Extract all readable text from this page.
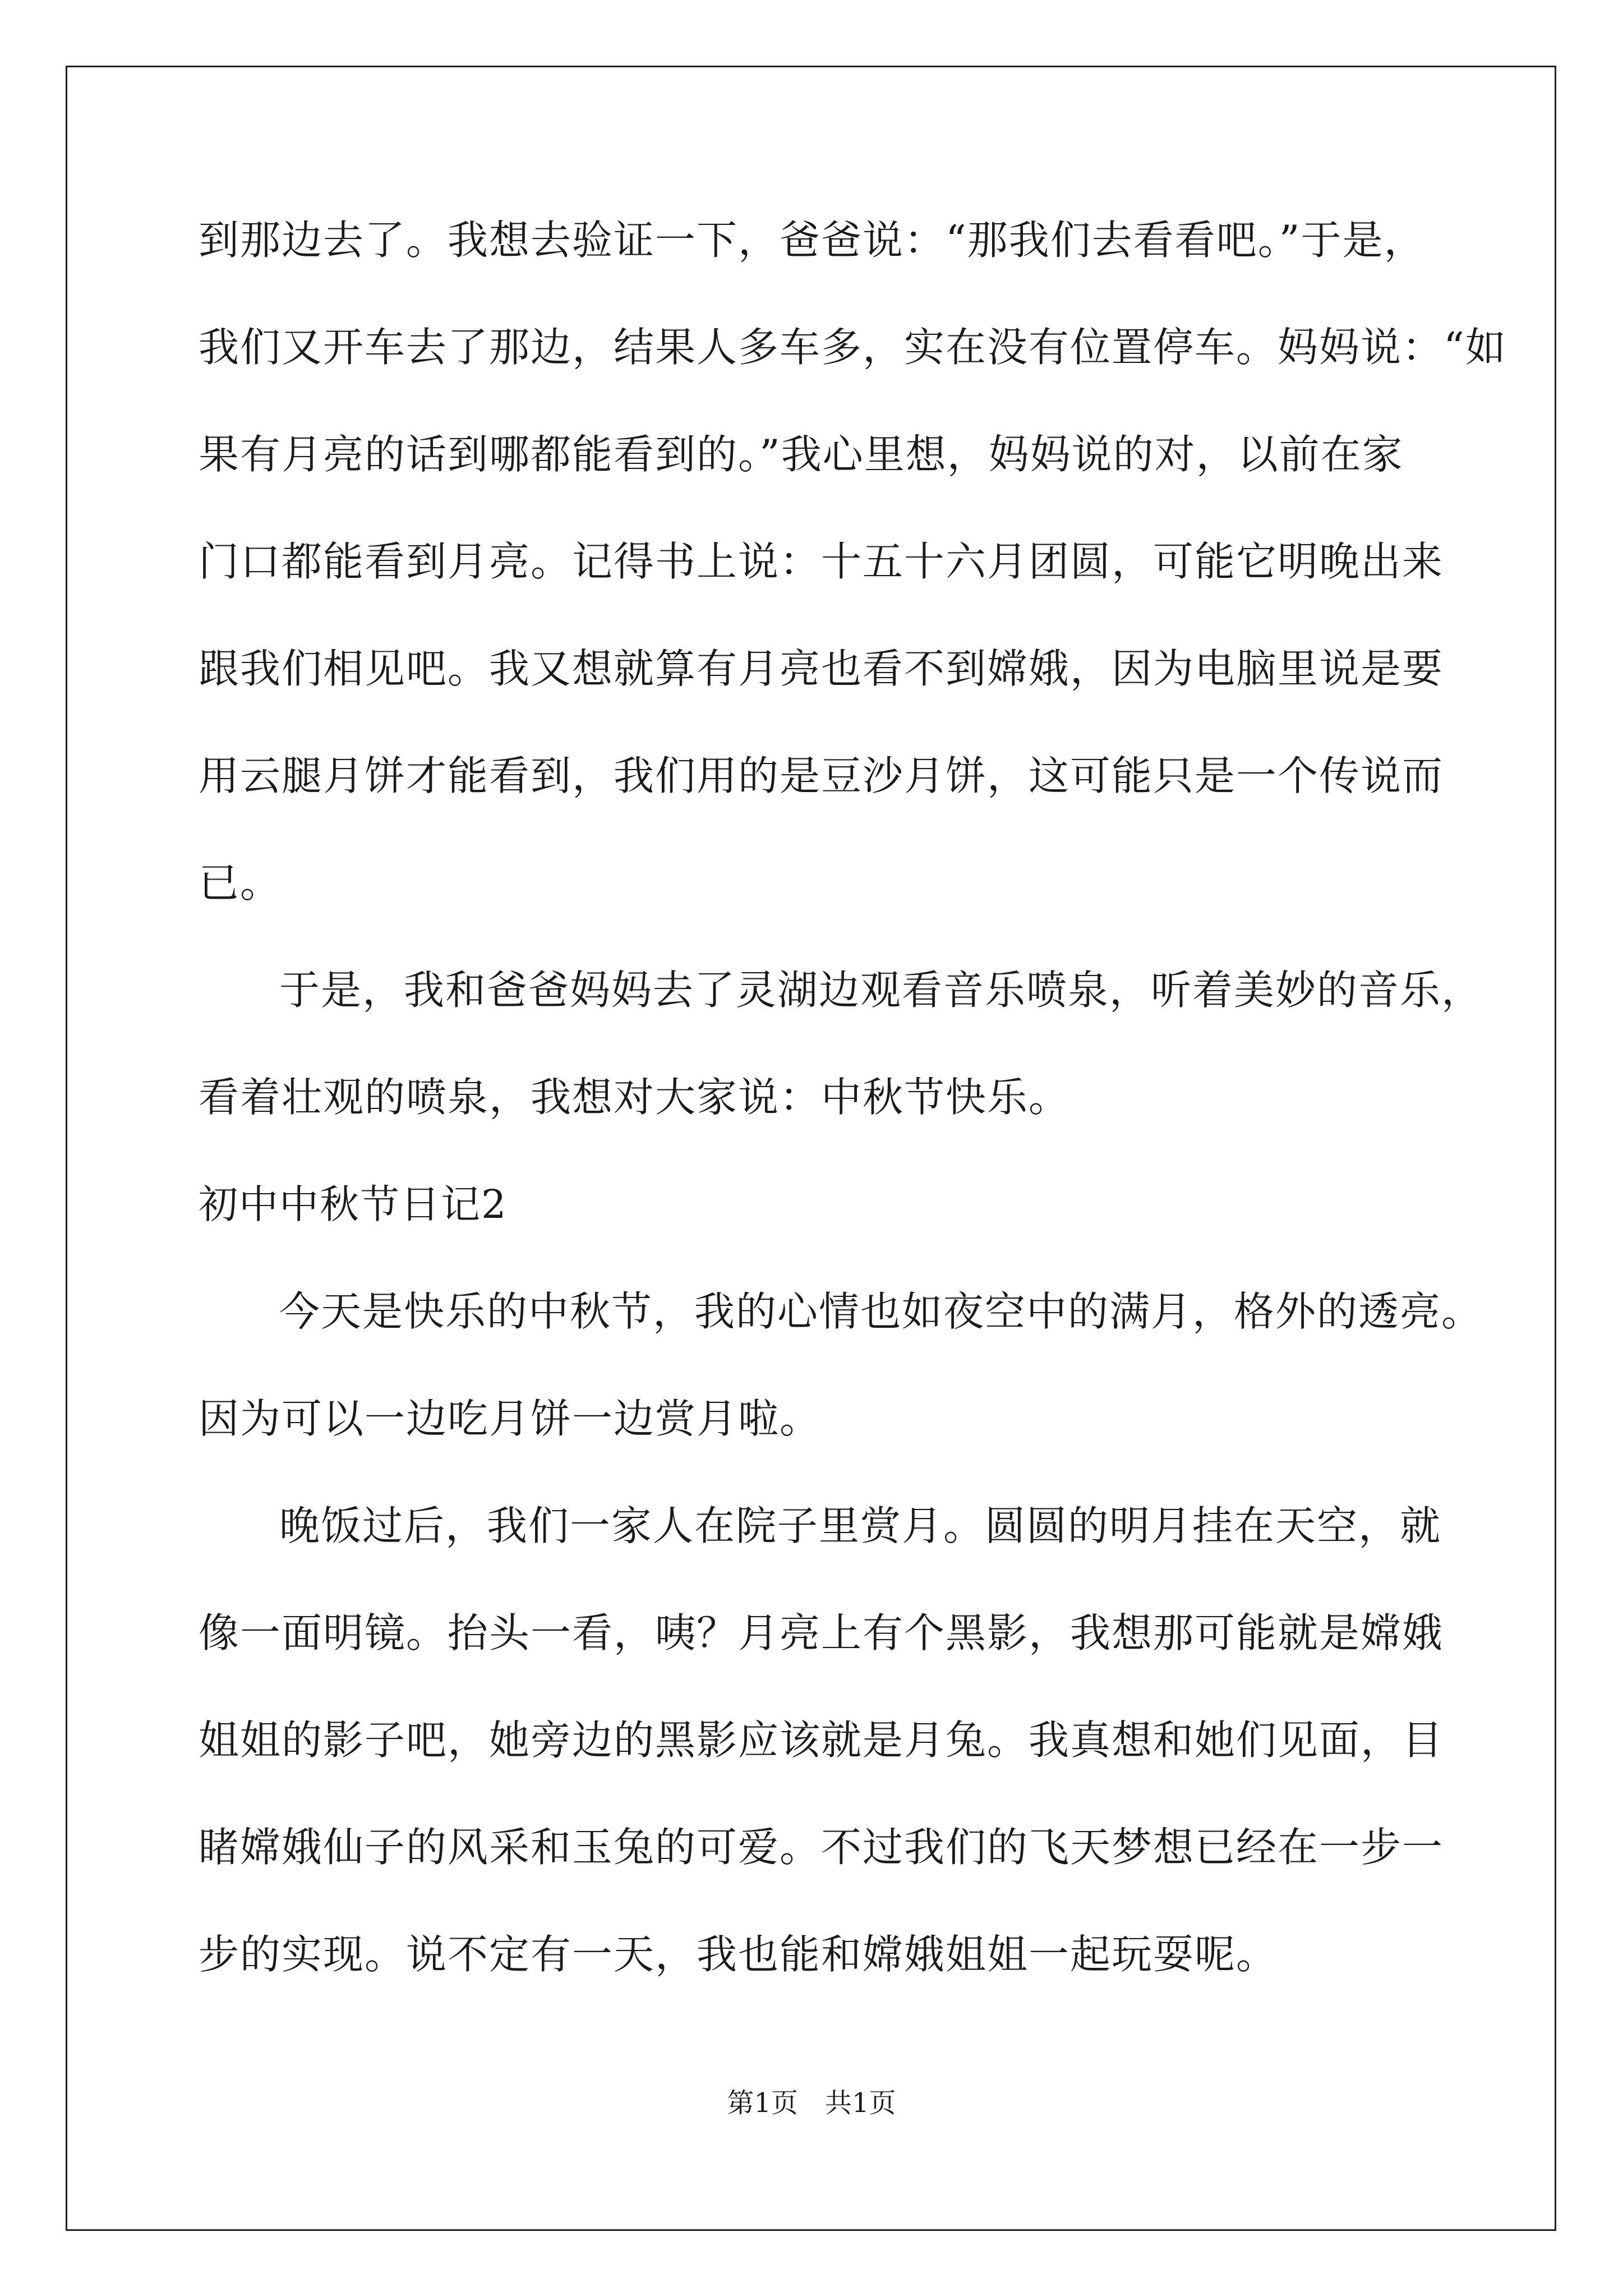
到那边去了。我想去验证一下，爸爸说：“那我们去看看吧。”于是，
我们又开车去了那边，结果人多车多，实在没有位置停车。妈妈说：“如
果有月亮的话到哪都能看到的。”我心里想，妈妈说的对，以前在家
门口都能看到月亮。记得书上说：十五十六月团圆，可能它明晚出来
跟我们相见吧。我又想就算有月亮也看不到嫦娥，因为电脑里说是要
用云腿月饼才能看到，我们用的是豆沙月饼，这可能只是一个传说而
已。
于是，我和爸爸妈妈去了灵湖边观看音乐喷泉，听着美妙的音乐，
看着壮观的喷泉，我想对大家说：中秋节快乐。
初中中秋节日记2
今天是快乐的中秋节，我的心情也如夜空中的满月，格外的透亮。
因为可以一边吃月饼一边赏月啦。
晚饭过后，我们一家人在院子里赏月。圆圆的明月挂在天空，就
像一面明镜。抬头一看，咦？月亮上有个黑影，我想那可能就是嫦娥
姐姐的影子吧，她旁边的黑影应该就是月兔。我真想和她们见面，目
睹嫦娥仙子的风采和玉兔的可爱。不过我们的飞天梦想已经在一步一
步的实现。说不定有一天，我也能和嫦娥姐姐一起玩耍呢。
第1页　共1页
